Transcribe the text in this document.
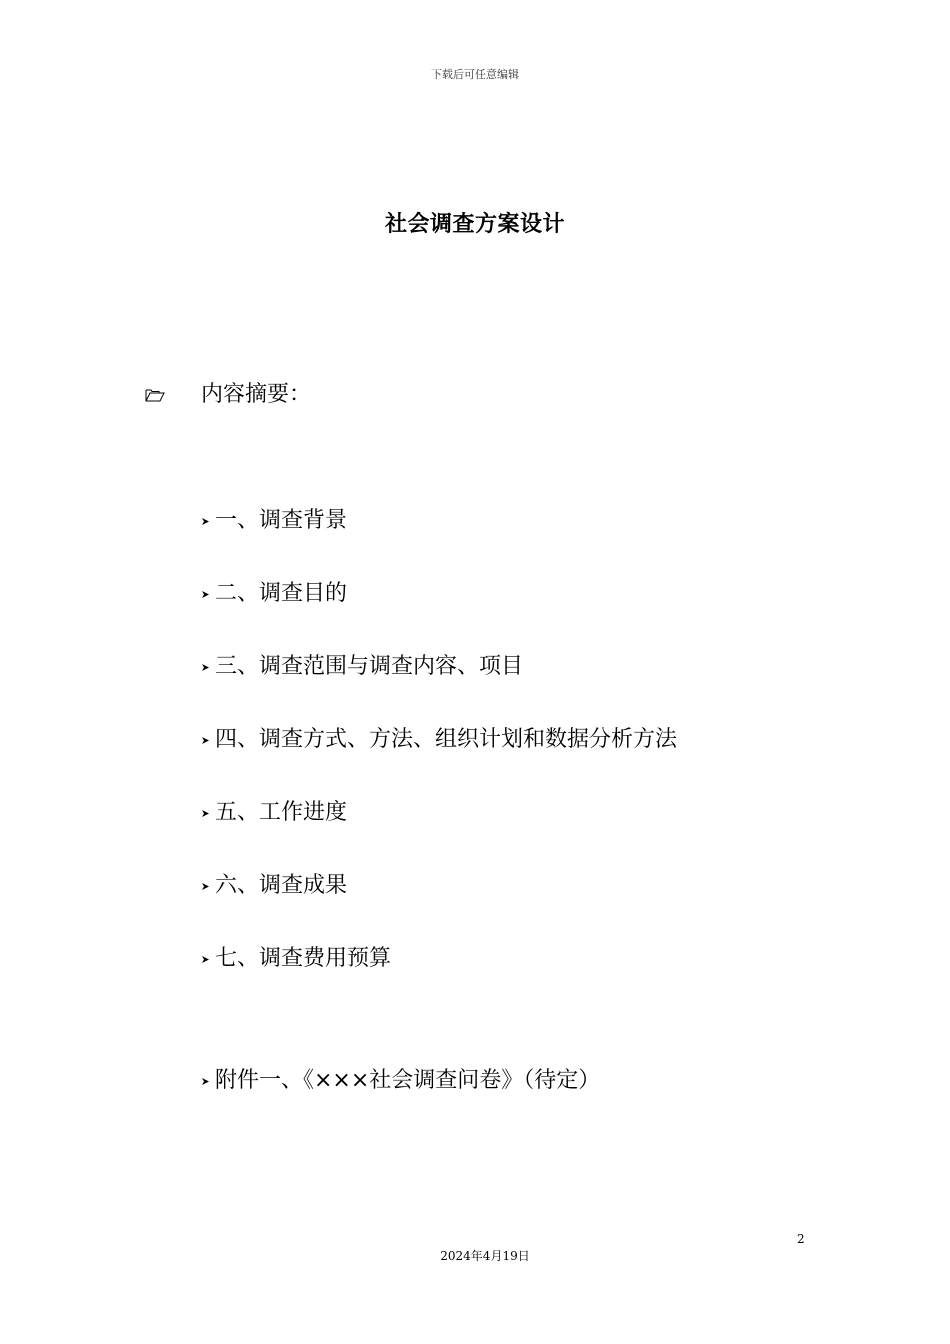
下载后可任意编辑
社会调查方案设计
内容摘要：
一、调查背景
二、调查目的
三、调查范围与调查内容、项目
四、调查方式、方法、组织计划和数据分析方法
五、工作进度
六、调查成果
七、调查费用预算
附件一、《×××社会调查问卷》（待定）
2
2024年4月19日
